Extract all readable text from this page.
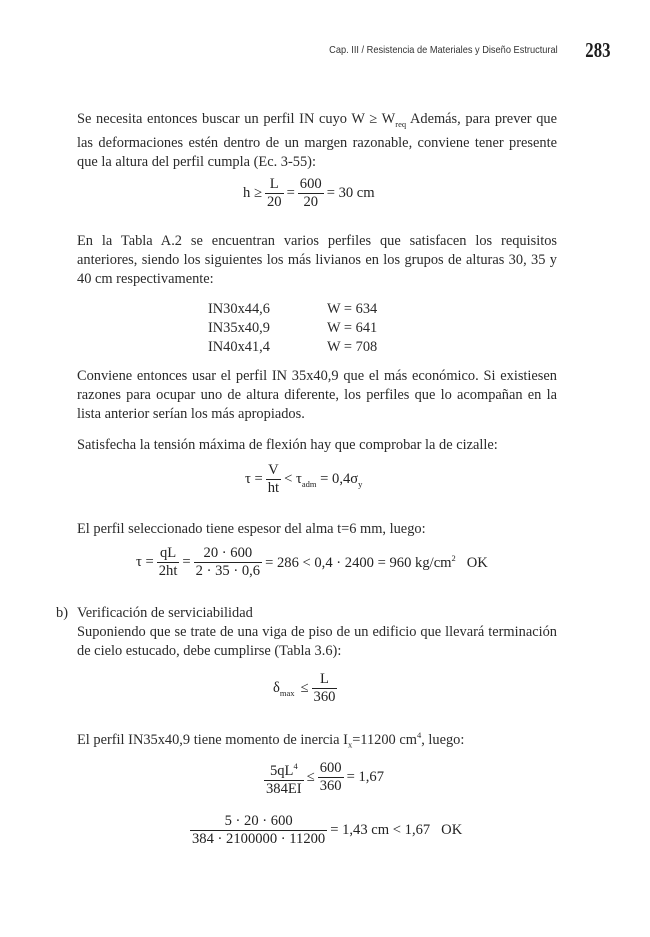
Cap. III / Resistencia de Materiales y Diseño Estructural 283

Se necesita entonces buscar un perfil IN cuyo $W \ge W_{req}$ Además, para prever que las deformaciones estén dentro de un margen razonable, conviene tener presente que la altura del perfil cumpla (Ec. 3-55):

$h \ge \frac{L}{20} = \frac{600}{20} = 30$ cm

En la Tabla A.2 se encuentran varios perfiles que satisfacen los requisitos anteriores, siendo los siguientes los más livianos en los grupos de alturas 30, 35 y 40 cm respectivamente:

IN30x44,6	W = 634
IN35x40,9	W = 641
IN40x41,4	W = 708

Conviene entonces usar el perfil IN 35x40,9 que el más económico. Si existiesen razones para ocupar uno de altura diferente, los perfiles que lo acompañan en la lista anterior serían los más apropiados.

Satisfecha la tensión máxima de flexión hay que comprobar la de cizalle:

$\tau = \frac{V}{ht} < \tau_{adm} = 0,4\sigma_y$

El perfil seleccionado tiene espesor del alma t=6 mm, luego:

$\tau = \frac{qL}{2ht} = \frac{20 \cdot 600}{2 \cdot 35 \cdot 0,6} = 286 < 0,4 \cdot 2400 = 960$ $kg/cm^2$ OK
b) Verificación de serviciabilidad

Suponiendo que se trate de una viga de piso de un edificio que llevará terminación de cielo estucado, debe cumplirse (Tabla 3.6):

$\delta_{max} \le \frac{L}{360}$

El perfil IN35x40,9 tiene momento de inercia $I_x=11200$ $cm^4$, luego:

$\frac{5qL^4}{384EI} \le \frac{600}{360} = 1,67$
$\frac{5 \cdot 20 \cdot 600}{384 \cdot 2100000 \cdot 11200} = 1,43$ cm < 1,67 OK
